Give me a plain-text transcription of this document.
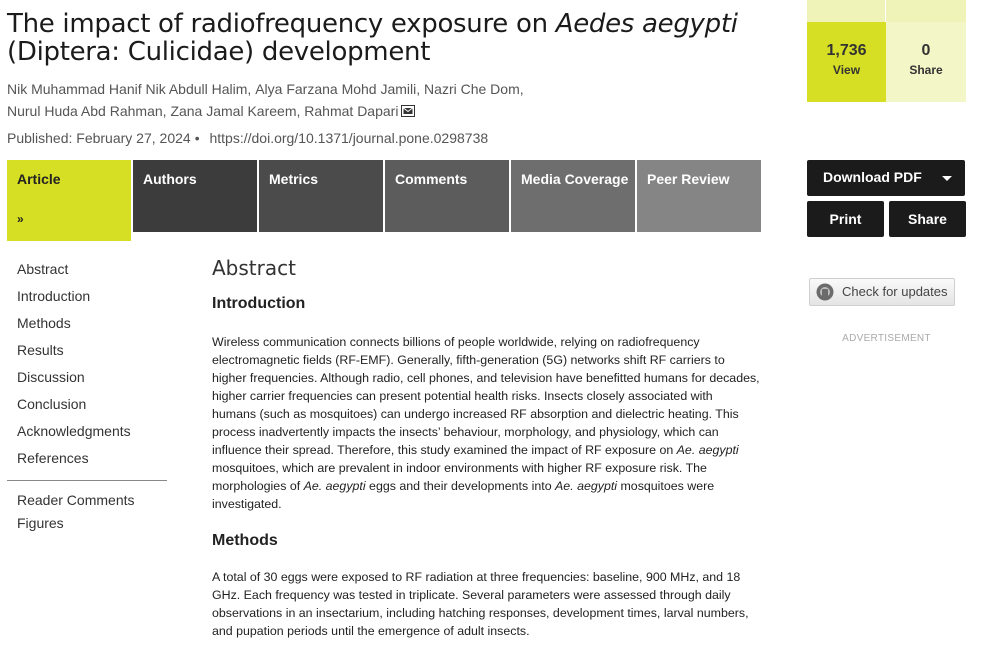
The impact of radiofrequency exposure on Aedes aegypti (Diptera: Culicidae) development
Nik Muhammad Hanif Nik Abdull Halim , Alya Farzana Mohd Jamili , Nazri Che Dom , Nurul Huda Abd Rahman , Zana Jamal Kareem , Rahmat Dapari
Published: February 27, 2024 • https://doi.org/10.1371/journal.pone.0298738
Article
»
Authors	Metrics	Comments	Media Coverage	Peer Review
Abstract
Introduction
Methods
Results
Discussion
Conclusion
Acknowledgments
References
Reader Comments
Figures
Abstract
Introduction

Wireless communication connects billions of people worldwide, relying on radiofrequency electromagnetic fields (RF-EMF). Generally, fifth-generation (5G) networks shift RF carriers to higher frequencies. Although radio, cell phones, and television have benefitted humans for decades, higher carrier frequencies can present potential health risks. Insects closely associated with humans (such as mosquitoes) can undergo increased RF absorption and dielectric heating. This process inadvertently impacts the insects’ behaviour, morphology, and physiology, which can influence their spread. Therefore, this study examined the impact of RF exposure on Ae. aegypti mosquitoes, which are prevalent in indoor environments with higher RF exposure risk. The morphologies of Ae. aegypti eggs and their developments into Ae. aegypti mosquitoes were investigated.

Methods

A total of 30 eggs were exposed to RF radiation at three frequencies: baseline, 900 MHz, and 18 GHz. Each frequency was tested in triplicate. Several parameters were assessed through daily observations in an insectarium, including hatching responses, development times, larval numbers, and pupation periods until the emergence of adult insects.

1,736
View
0
Share
Download PDF
Print	Share
Check for updates
ADVERTISEMENT
